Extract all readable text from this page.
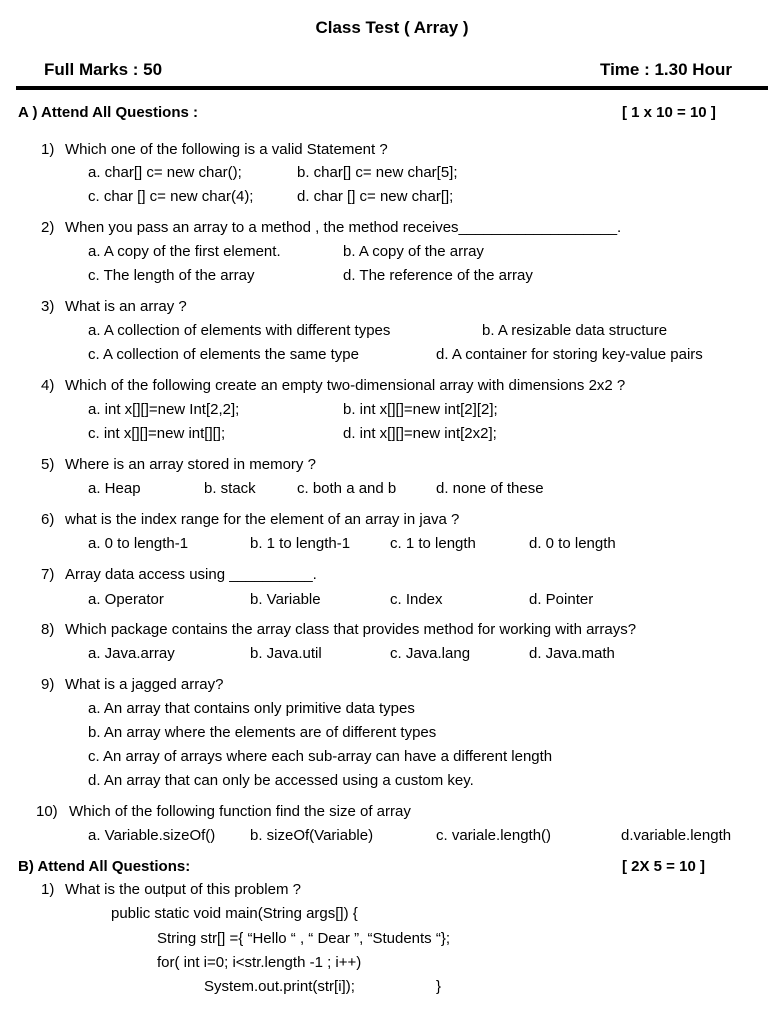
Class Test ( Array )
Full Marks : 50	Time : 1.30 Hour
A ) Attend All Questions :	[ 1 x 10 = 10 ]
1) Which one of the following is a valid Statement ?
a. char[] c= new char();	b. char[] c= new char[5];
c. char [] c= new char(4);	d. char [] c= new char[];
2) When you pass an array to a method , the method receives___________________.
a. A copy of the first element.	b. A copy of the array
c. The length of the array	d. The reference of the array
3) What is an array ?
a. A collection of elements with different types	b. A resizable data structure
c. A collection of elements the same type	d. A container for storing key-value pairs
4) Which of the following create an empty two-dimensional array with dimensions 2x2 ?
a. int x[][]=new Int[2,2];	b. int x[][]=new int[2][2];
c. int x[][]=new int[][];	d. int x[][]=new int[2x2];
5) Where is an array stored in memory ?
a. Heap	b. stack	c. both a and b	d. none of these
6) what is the index range for the element of an array in java ?
a. 0 to length-1	b. 1 to length-1	c. 1 to length	d. 0 to length
7) Array data access using __________.
a. Operator	b. Variable	c. Index	d. Pointer
8) Which package contains the array class that provides method for working with arrays?
a. Java.array	b. Java.util	c. Java.lang	d. Java.math
9) What is a jagged array?
a. An array that contains only primitive data types
b. An array where the elements are of different types
c. An array of arrays where each sub-array can have a different length
d. An array that can only be accessed using a custom key.
10) Which of the following function find the size of array
a. Variable.sizeOf() b. sizeOf(Variable)	c. variale.length()	d.variable.length
B) Attend All Questions:	[ 2X 5 = 10 ]
1) What is the output of this problem ?
public static void main(String args[]) {
String str[] ={ “Hello “ , “ Dear ”, “Students “};
for( int i=0; i<str.length -1 ; i++)
System.out.print(str[i]);	}
